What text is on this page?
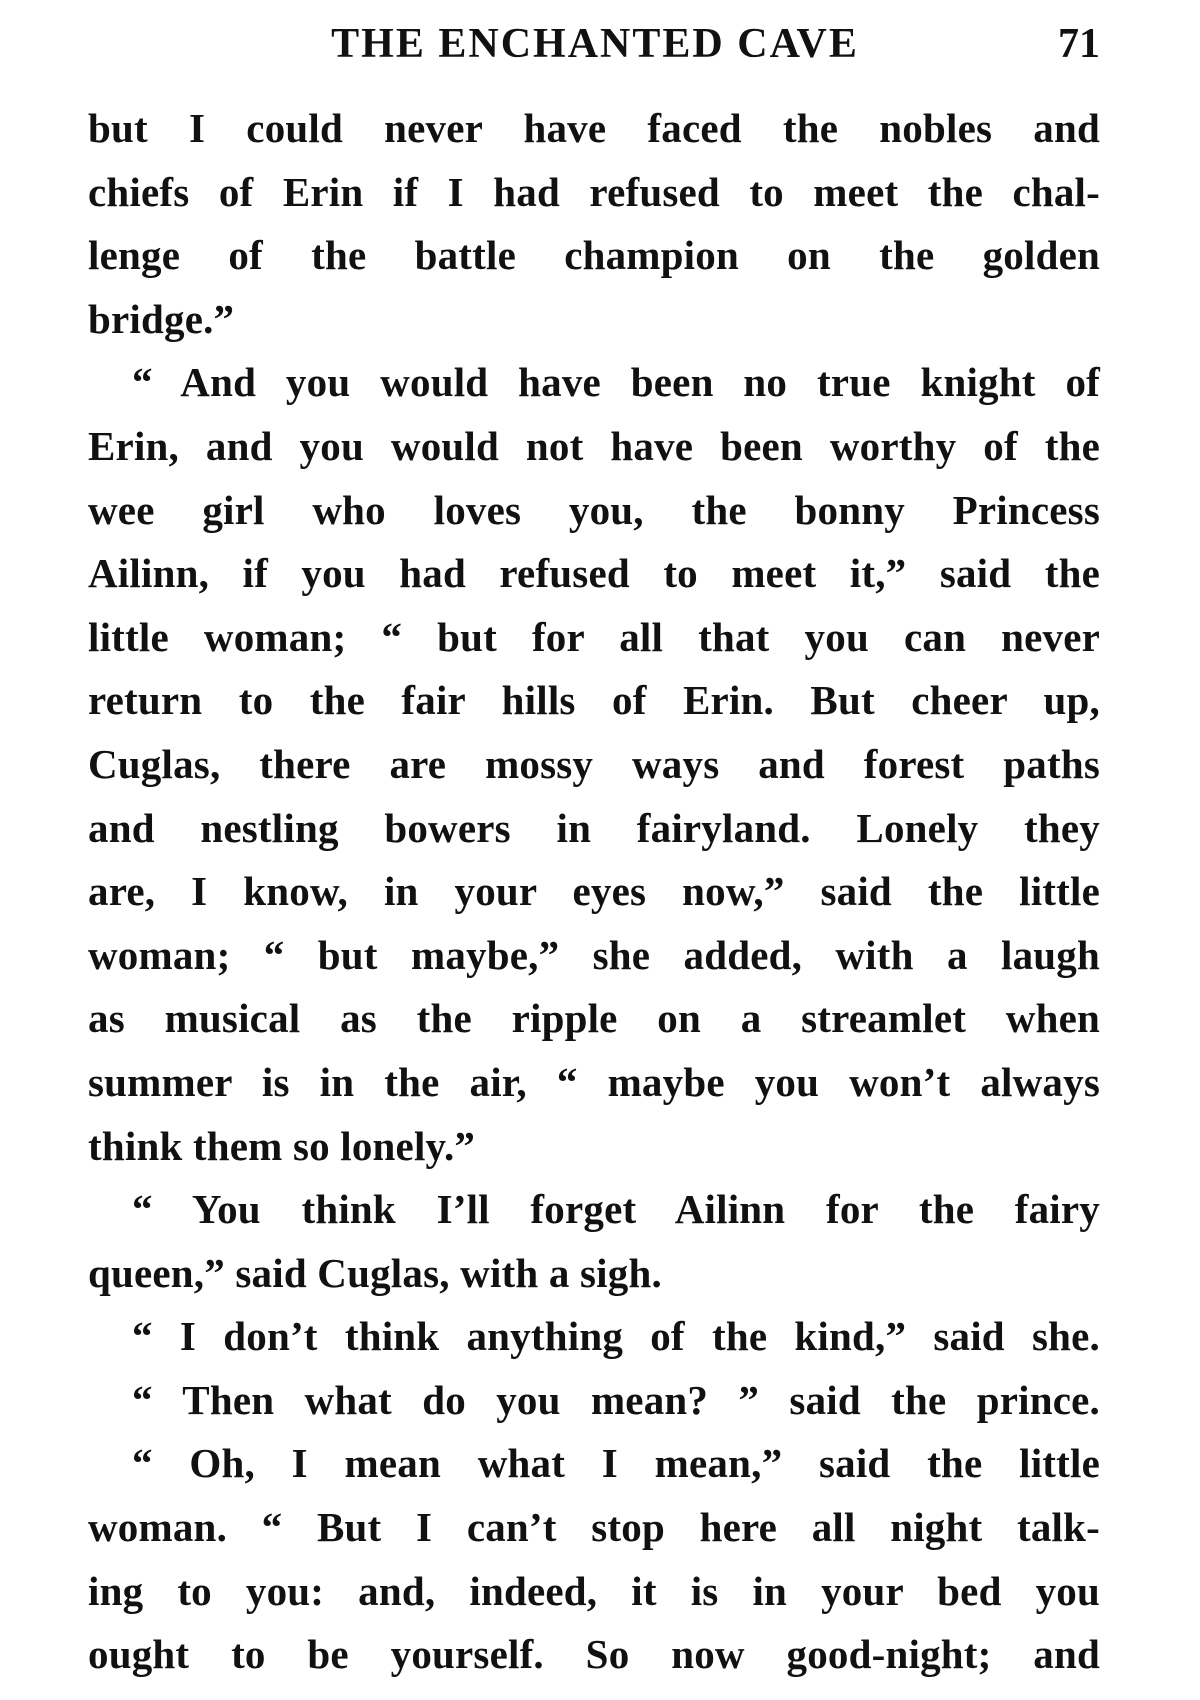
THE ENCHANTED CAVE	71
but I could never have faced the nobles and
chiefs of Erin if I had refused to meet the chal-
lenge of the battle champion on the golden
bridge.”
“ And you would have been no true knight of
Erin, and you would not have been worthy of the
wee girl who loves you, the bonny Princess
Ailinn, if you had refused to meet it,” said the
little woman; “ but for all that you can never
return to the fair hills of Erin. But cheer up,
Cuglas, there are mossy ways and forest paths
and nestling bowers in fairyland. Lonely they
are, I know, in your eyes now,” said the little
woman; “ but maybe,” she added, with a laugh
as musical as the ripple on a streamlet when
summer is in the air, “ maybe you won’t always
think them so lonely.”
“ You think I’ll forget Ailinn for the fairy
queen,” said Cuglas, with a sigh.
“ I don’t think anything of the kind,” said she.
“ Then what do you mean? ” said the prince.
“ Oh, I mean what I mean,” said the little
woman. “ But I can’t stop here all night talk-
ing to you: and, indeed, it is in your bed you
ought to be yourself. So now good-night; and
